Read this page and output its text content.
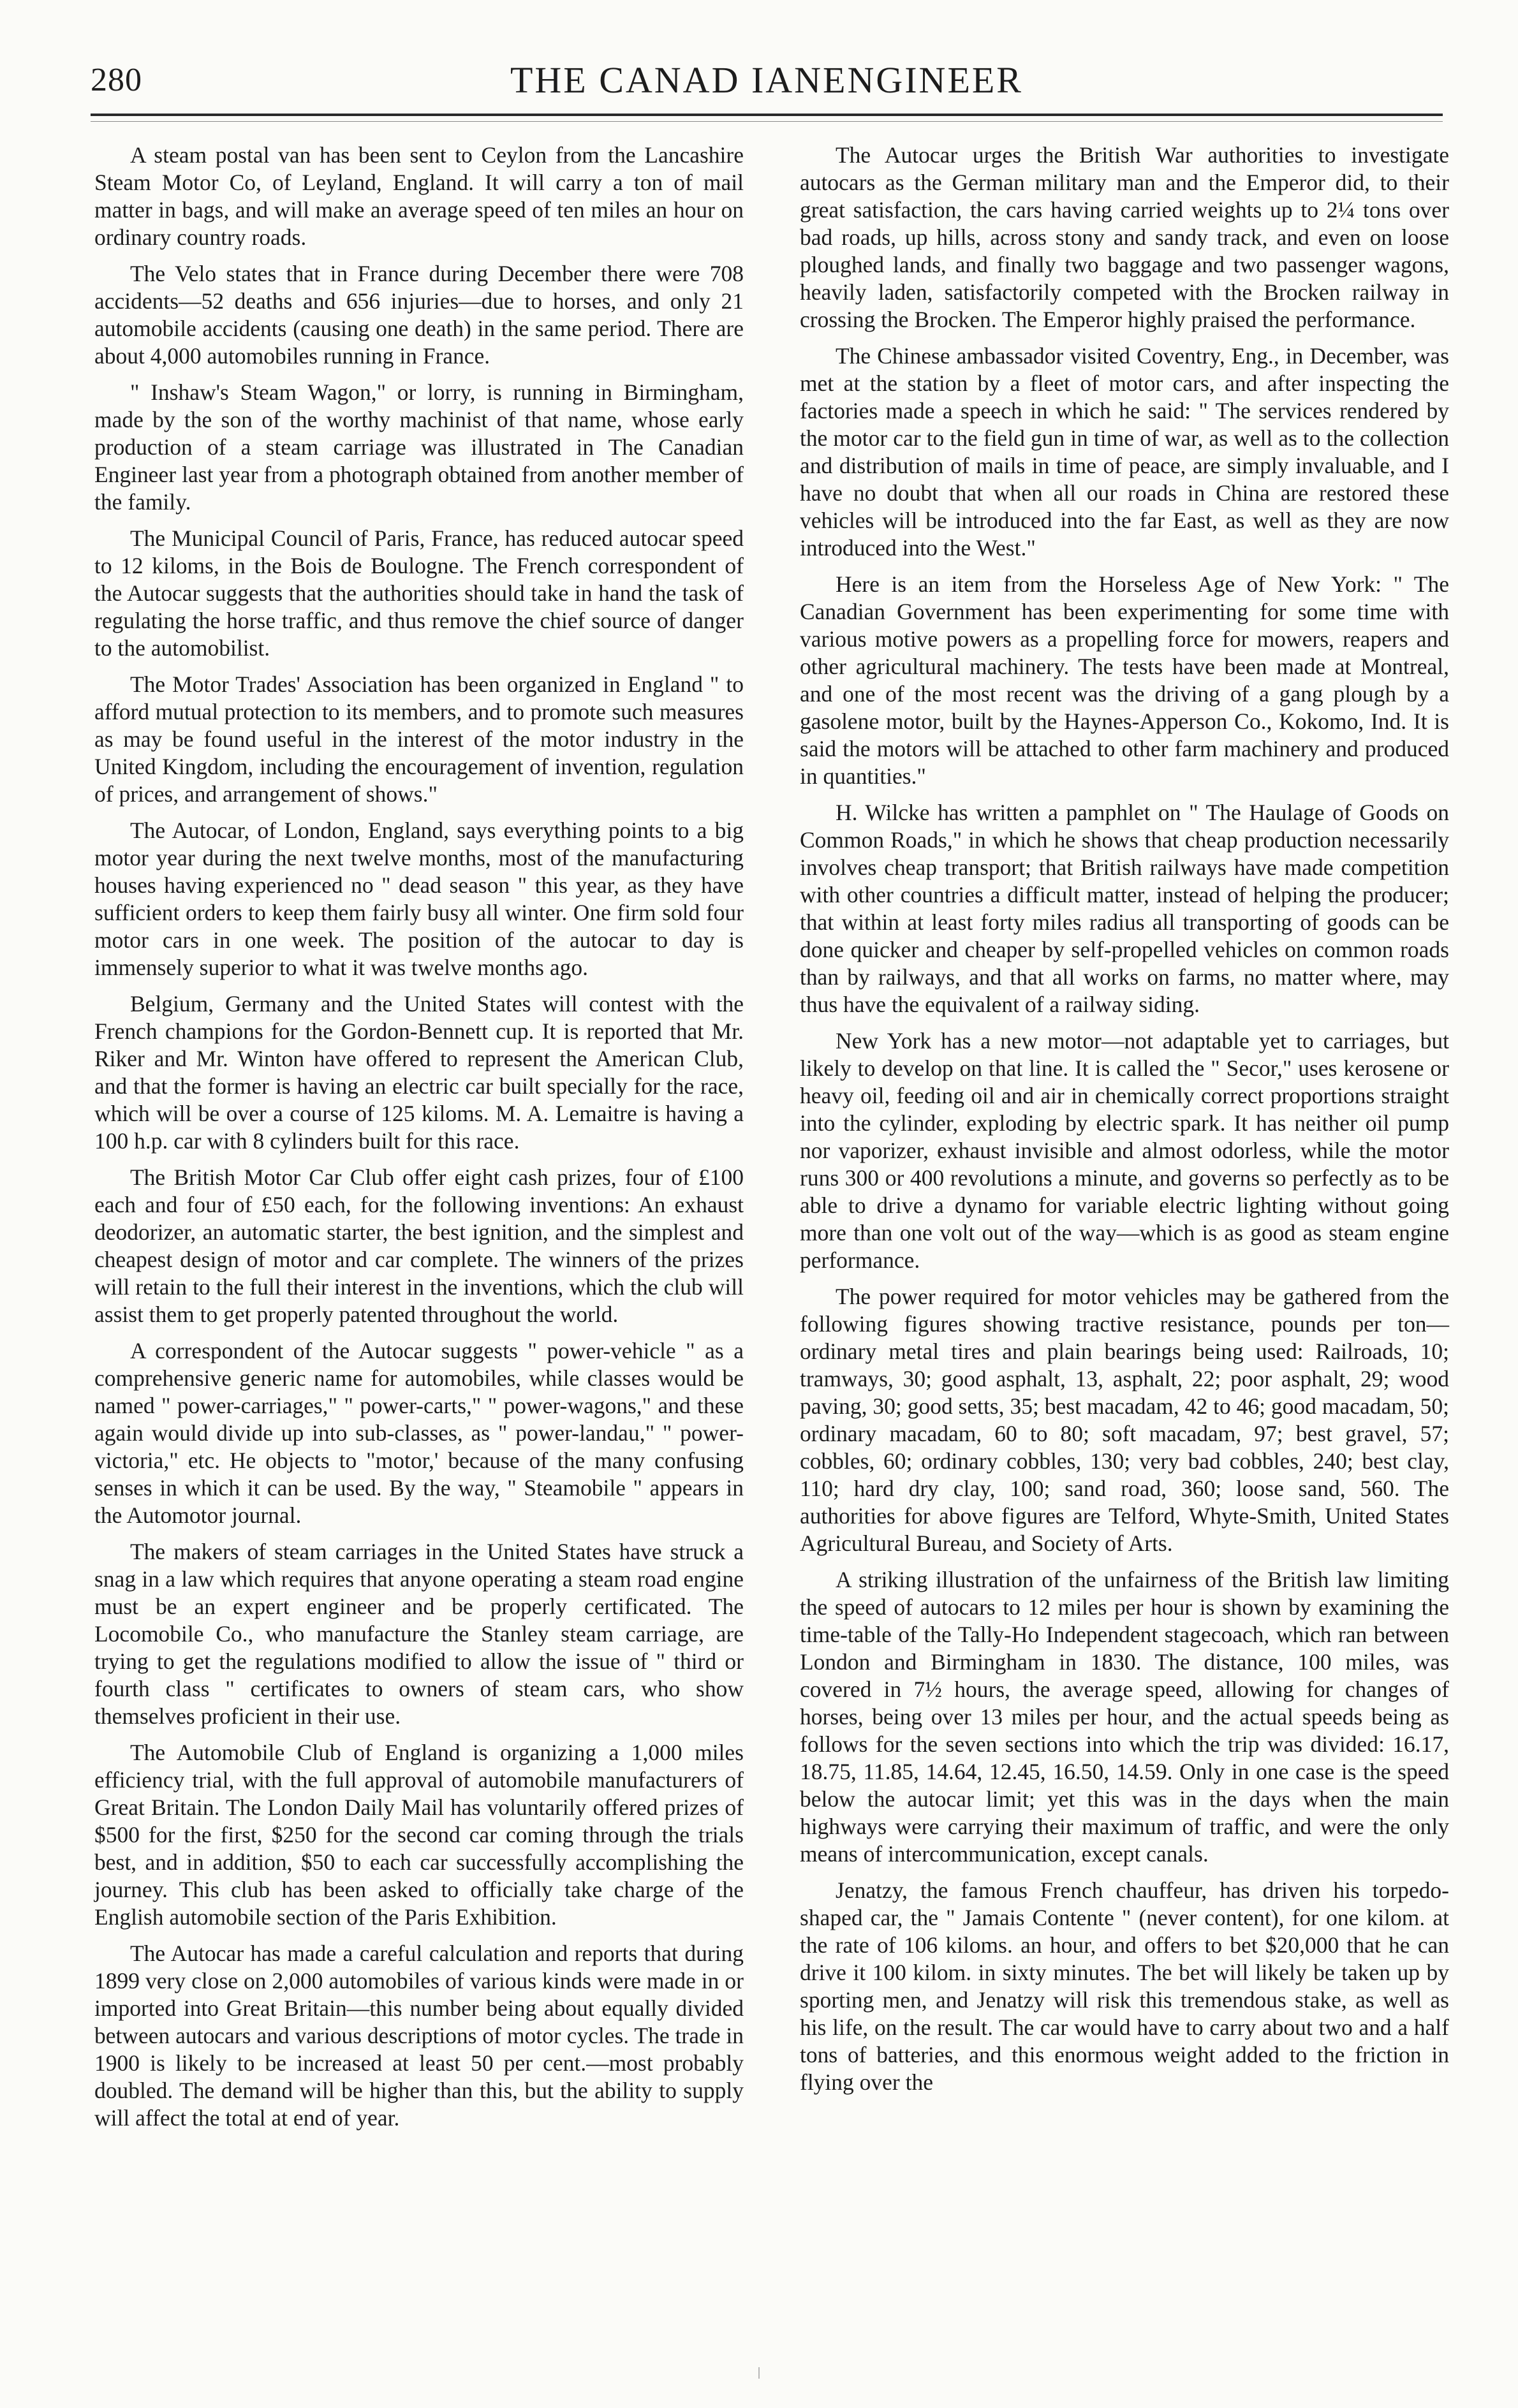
280	THE CANAD IANENGINEER

A steam postal van has been sent to Ceylon from the Lancashire Steam Motor Co, of Leyland, England. It will carry a ton of mail matter in bags, and will make an average speed of ten miles an hour on ordinary country roads.

The Velo states that in France during December there were 708 accidents—52 deaths and 656 injuries—due to horses, and only 21 automobile accidents (causing one death) in the same period. There are about 4,000 automobiles running in France.

" Inshaw's Steam Wagon," or lorry, is running in Birmingham, made by the son of the worthy machinist of that name, whose early production of a steam carriage was illustrated in The Canadian Engineer last year from a photograph obtained from another member of the family.

The Municipal Council of Paris, France, has reduced autocar speed to 12 kiloms, in the Bois de Boulogne. The French correspondent of the Autocar suggests that the authorities should take in hand the task of regulating the horse traffic, and thus remove the chief source of danger to the automobilist.

The Motor Trades' Association has been organized in England " to afford mutual protection to its members, and to promote such measures as may be found useful in the interest of the motor industry in the United Kingdom, including the encouragement of invention, regulation of prices, and arrangement of shows."

The Autocar, of London, England, says everything points to a big motor year during the next twelve months, most of the manufacturing houses having experienced no " dead season " this year, as they have sufficient orders to keep them fairly busy all winter. One firm sold four motor cars in one week. The position of the autocar to day is immensely superior to what it was twelve months ago.

Belgium, Germany and the United States will contest with the French champions for the Gordon-Bennett cup. It is reported that Mr. Riker and Mr. Winton have offered to represent the American Club, and that the former is having an electric car built specially for the race, which will be over a course of 125 kiloms. M. A. Lemaitre is having a 100 h.p. car with 8 cylinders built for this race.

The British Motor Car Club offer eight cash prizes, four of £100 each and four of £50 each, for the following inventions: An exhaust deodorizer, an automatic starter, the best ignition, and the simplest and cheapest design of motor and car complete. The winners of the prizes will retain to the full their interest in the inventions, which the club will assist them to get properly patented throughout the world.

A correspondent of the Autocar suggests " power-vehicle " as a comprehensive generic name for automobiles, while classes would be named " power-carriages," " power-carts," " power-wagons," and these again would divide up into sub-classes, as " power-landau," " power-victoria," etc. He objects to "motor,' because of the many confusing senses in which it can be used. By the way, " Steamobile " appears in the Automotor journal.

The makers of steam carriages in the United States have struck a snag in a law which requires that anyone operating a steam road engine must be an expert engineer and be properly certificated. The Locomobile Co., who manufacture the Stanley steam carriage, are trying to get the regulations modified to allow the issue of " third or fourth class " certificates to owners of steam cars, who show themselves proficient in their use.

The Automobile Club of England is organizing a 1,000 miles efficiency trial, with the full approval of automobile manufacturers of Great Britain. The London Daily Mail has voluntarily offered prizes of $500 for the first, $250 for the second car coming through the trials best, and in addition, $50 to each car successfully accomplishing the journey. This club has been asked to officially take charge of the English automobile section of the Paris Exhibition.

The Autocar has made a careful calculation and reports that during 1899 very close on 2,000 automobiles of various kinds were made in or imported into Great Britain—this number being about equally divided between autocars and various descriptions of motor cycles. The trade in 1900 is likely to be increased at least 50 per cent.—most probably doubled. The demand will be higher than this, but the ability to supply will affect the total at end of year.

The Autocar urges the British War authorities to investigate autocars as the German military man and the Emperor did, to their great satisfaction, the cars having carried weights up to 2¼ tons over bad roads, up hills, across stony and sandy track, and even on loose ploughed lands, and finally two baggage and two passenger wagons, heavily laden, satisfactorily competed with the Brocken railway in crossing the Brocken. The Emperor highly praised the performance.

The Chinese ambassador visited Coventry, Eng., in December, was met at the station by a fleet of motor cars, and after inspecting the factories made a speech in which he said: " The services rendered by the motor car to the field gun in time of war, as well as to the collection and distribution of mails in time of peace, are simply invaluable, and I have no doubt that when all our roads in China are restored these vehicles will be introduced into the far East, as well as they are now introduced into the West."

Here is an item from the Horseless Age of New York: " The Canadian Government has been experimenting for some time with various motive powers as a propelling force for mowers, reapers and other agricultural machinery. The tests have been made at Montreal, and one of the most recent was the driving of a gang plough by a gasolene motor, built by the Haynes-Apperson Co., Kokomo, Ind. It is said the motors will be attached to other farm machinery and produced in quantities."

H. Wilcke has written a pamphlet on " The Haulage of Goods on Common Roads," in which he shows that cheap production necessarily involves cheap transport; that British railways have made competition with other countries a difficult matter, instead of helping the producer; that within at least forty miles radius all transporting of goods can be done quicker and cheaper by self-propelled vehicles on common roads than by railways, and that all works on farms, no matter where, may thus have the equivalent of a railway siding.

New York has a new motor—not adaptable yet to carriages, but likely to develop on that line. It is called the " Secor," uses kerosene or heavy oil, feeding oil and air in chemically correct proportions straight into the cylinder, exploding by electric spark. It has neither oil pump nor vaporizer, exhaust invisible and almost odorless, while the motor runs 300 or 400 revolutions a minute, and governs so perfectly as to be able to drive a dynamo for variable electric lighting without going more than one volt out of the way—which is as good as steam engine performance.

The power required for motor vehicles may be gathered from the following figures showing tractive resistance, pounds per ton—ordinary metal tires and plain bearings being used: Railroads, 10; tramways, 30; good asphalt, 13, asphalt, 22; poor asphalt, 29; wood paving, 30; good setts, 35; best macadam, 42 to 46; good macadam, 50; ordinary macadam, 60 to 80; soft macadam, 97; best gravel, 57; cobbles, 60; ordinary cobbles, 130; very bad cobbles, 240; best clay, 110; hard dry clay, 100; sand road, 360; loose sand, 560. The authorities for above figures are Telford, Whyte-Smith, United States Agricultural Bureau, and Society of Arts.

A striking illustration of the unfairness of the British law limiting the speed of autocars to 12 miles per hour is shown by examining the time-table of the Tally-Ho Independent stagecoach, which ran between London and Birmingham in 1830. The distance, 100 miles, was covered in 7½ hours, the average speed, allowing for changes of horses, being over 13 miles per hour, and the actual speeds being as follows for the seven sections into which the trip was divided: 16.17, 18.75, 11.85, 14.64, 12.45, 16.50, 14.59. Only in one case is the speed below the autocar limit; yet this was in the days when the main highways were carrying their maximum of traffic, and were the only means of intercommunication, except canals.

Jenatzy, the famous French chauffeur, has driven his torpedo-shaped car, the " Jamais Contente " (never content), for one kilom. at the rate of 106 kiloms. an hour, and offers to bet $20,000 that he can drive it 100 kilom. in sixty minutes. The bet will likely be taken up by sporting men, and Jenatzy will risk this tremendous stake, as well as his life, on the result. The car would have to carry about two and a half tons of batteries, and this enormous weight added to the friction in flying over the
